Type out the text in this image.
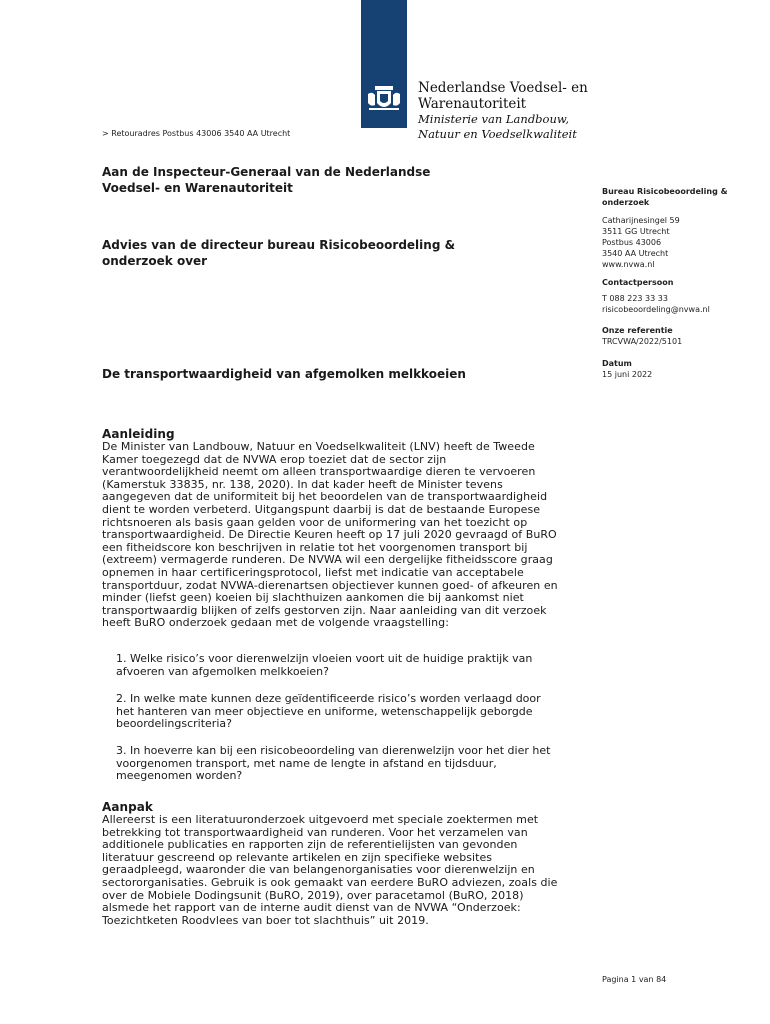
Nederlandse Voedsel- en
Warenautoriteit
Ministerie van Landbouw,
Natuur en Voedselkwaliteit
> Retouradres Postbus 43006 3540 AA Utrecht
Aan de Inspecteur-Generaal van de Nederlandse
Voedsel- en Warenautoriteit
Advies van de directeur bureau Risicobeoordeling &
onderzoek over
De transportwaardigheid van afgemolken melkkoeien
Bureau Risicobeoordeling &
onderzoek
Catharijnesingel 59
3511 GG Utrecht
Postbus 43006
3540 AA Utrecht
www.nvwa.nl
Contactpersoon
T 088 223 33 33
risicobeoordeling@nvwa.nl
Onze referentie
TRCVWA/2022/5101
Datum
15 juni 2022
Aanleiding
De Minister van Landbouw, Natuur en Voedselkwaliteit (LNV) heeft de Tweede
Kamer toegezegd dat de NVWA erop toeziet dat de sector zijn
verantwoordelijkheid neemt om alleen transportwaardige dieren te vervoeren
(Kamerstuk 33835, nr. 138, 2020). In dat kader heeft de Minister tevens
aangegeven dat de uniformiteit bij het beoordelen van de transportwaardigheid
dient te worden verbeterd. Uitgangspunt daarbij is dat de bestaande Europese
richtsnoeren als basis gaan gelden voor de uniformering van het toezicht op
transportwaardigheid. De Directie Keuren heeft op 17 juli 2020 gevraagd of BuRO
een fitheidscore kon beschrijven in relatie tot het voorgenomen transport bij
(extreem) vermagerde runderen. De NVWA wil een dergelijke fitheidsscore graag
opnemen in haar certificeringsprotocol, liefst met indicatie van acceptabele
transportduur, zodat NVWA-dierenartsen objectiever kunnen goed- of afkeuren en
minder (liefst geen) koeien bij slachthuizen aankomen die bij aankomst niet
transportwaardig blijken of zelfs gestorven zijn. Naar aanleiding van dit verzoek
heeft BuRO onderzoek gedaan met de volgende vraagstelling:
1. Welke risico’s voor dierenwelzijn vloeien voort uit de huidige praktijk van
afvoeren van afgemolken melkkoeien?
2. In welke mate kunnen deze geïdentificeerde risico’s worden verlaagd door
het hanteren van meer objectieve en uniforme, wetenschappelijk geborgde
beoordelingscriteria?
3. In hoeverre kan bij een risicobeoordeling van dierenwelzijn voor het dier het
voorgenomen transport, met name de lengte in afstand en tijdsduur,
meegenomen worden?
Aanpak
Allereerst is een literatuuronderzoek uitgevoerd met speciale zoektermen met
betrekking tot transportwaardigheid van runderen. Voor het verzamelen van
additionele publicaties en rapporten zijn de referentielijsten van gevonden
literatuur gescreend op relevante artikelen en zijn specifieke websites
geraadpleegd, waaronder die van belangenorganisaties voor dierenwelzijn en
sectororganisaties. Gebruik is ook gemaakt van eerdere BuRO adviezen, zoals die
over de Mobiele Dodingsunit (BuRO, 2019), over paracetamol (BuRO, 2018)
alsmede het rapport van de interne audit dienst van de NVWA “Onderzoek:
Toezichtketen Roodvlees van boer tot slachthuis” uit 2019.
Pagina 1 van 84
